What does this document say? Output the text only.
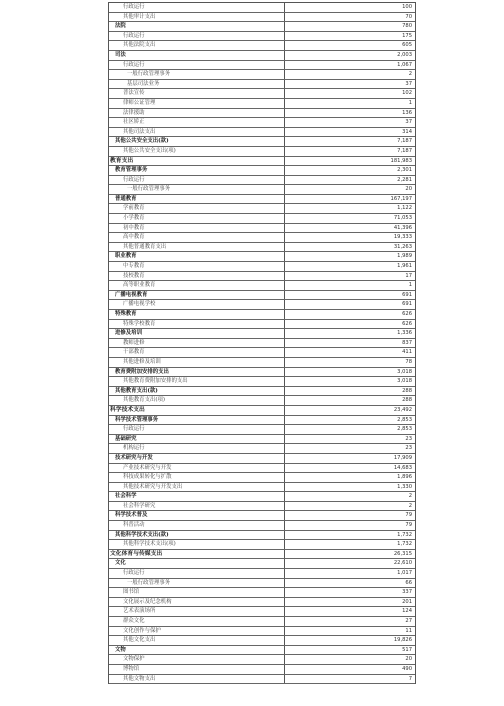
行政运行	100
其他审计支出	70
法院	780
行政运行	175
其他法院支出	605
司法	2,003
行政运行	1,067
一般行政管理事务	2
基层司法业务	37
普法宣传	102
律师公证管理	1
法律援助	136
社区矫正	37
其他司法支出	314
其他公共安全支出(款)	7,187
其他公共安全支出(项)	7,187
教育支出	181,983
教育管理事务	2,301
行政运行	2,281
一般行政管理事务	20
普通教育	167,197
学前教育	1,122
小学教育	71,053
初中教育	41,396
高中教育	19,333
其他普通教育支出	31,263
职业教育	1,989
中专教育	1,961
技校教育	17
高等职业教育	1
广播电视教育	691
广播电视学校	691
特殊教育	626
特殊学校教育	626
进修及培训	1,336
教师进修	837
干部教育	411
其他进修及培训	78
教育费附加安排的支出	3,018
其他教育费附加安排的支出	3,018
其他教育支出(款)	288
其他教育支出(项)	288
科学技术支出	23,492
科学技术管理事务	2,853
行政运行	2,853
基础研究	23
机构运行	23
技术研究与开发	17,909
产业技术研究与开发	14,683
科技成果转化与扩散	1,896
其他技术研究与开发支出	1,330
社会科学	2
社会科学研究	2
科学技术普及	79
科普活动	79
其他科学技术支出(款)	1,732
其他科学技术支出(项)	1,732
文化体育与传媒支出	26,315
文化	22,610
行政运行	1,017
一般行政管理事务	66
图书馆	337
文化展示及纪念机构	201
艺术表演场所	124
群众文化	27
文化创作与保护	11
其他文化支出	19,826
文物	517
文物保护	20
博物馆	490
其他文物支出	7
